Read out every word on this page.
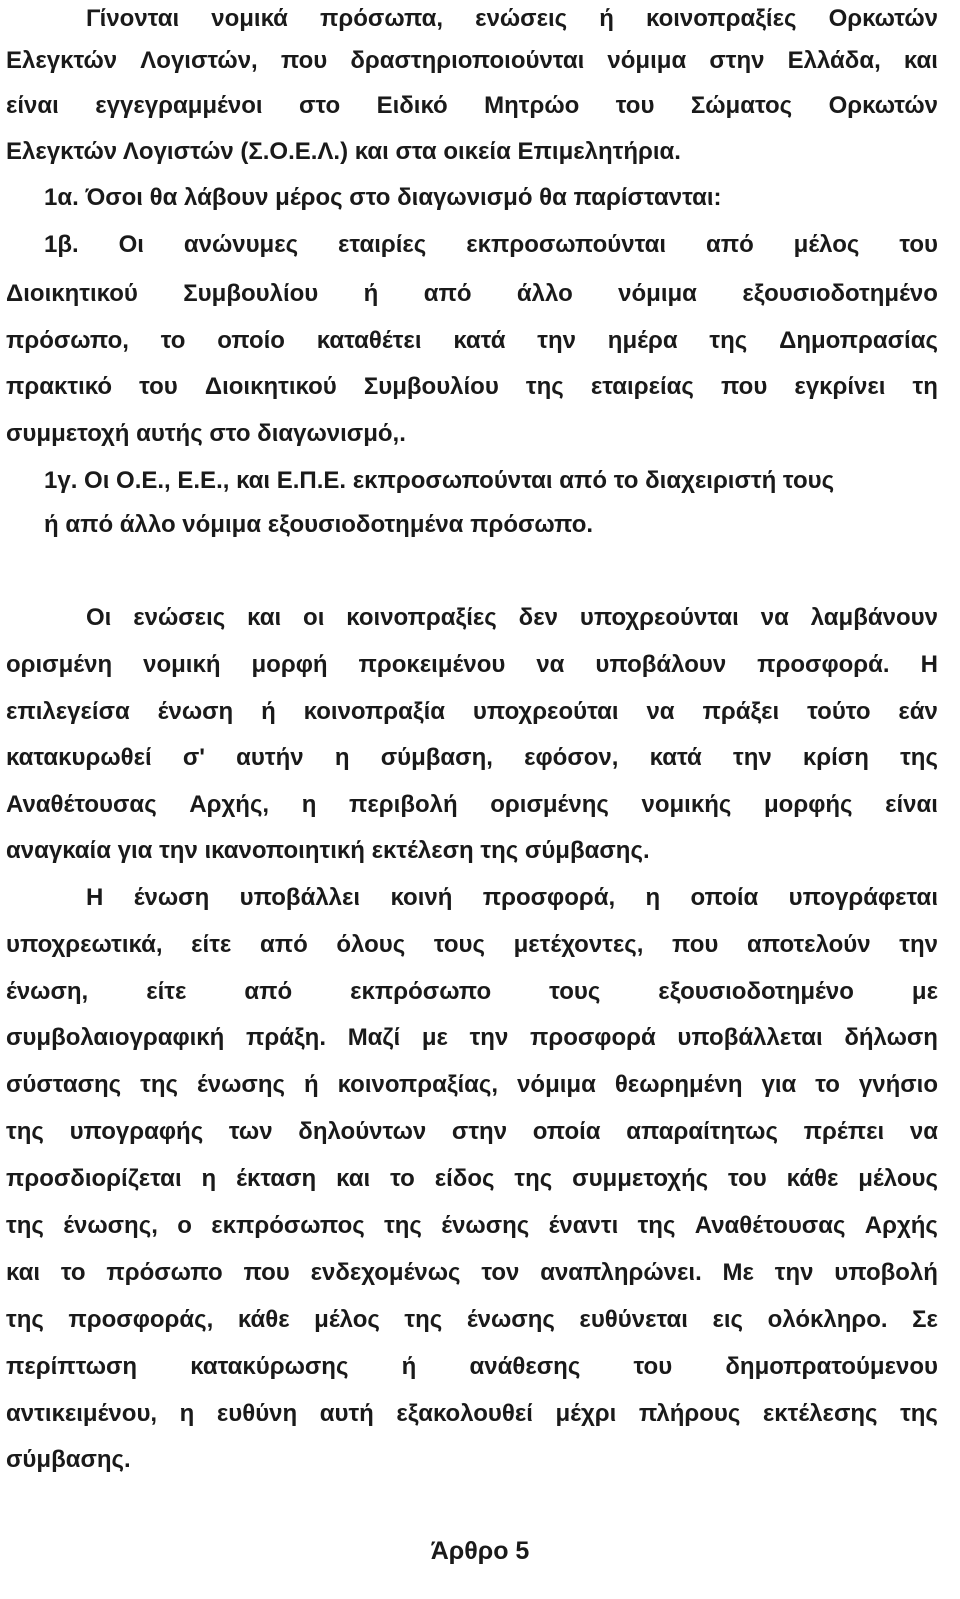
Γίνονται νομικά πρόσωπα, ενώσεις ή κοινοπραξίες Ορκωτών
Ελεγκτών Λογιστών, που δραστηριοποιούνται νόμιμα στην Ελλάδα, και
είναι εγγεγραμμένοι στο Ειδικό Μητρώο του Σώματος Ορκωτών
Ελεγκτών Λογιστών (Σ.Ο.Ε.Λ.) και στα οικεία Επιμελητήρια.
1α. Όσοι θα λάβουν μέρος στο διαγωνισμό θα παρίστανται:
1β. Οι ανώνυμες εταιρίες εκπροσωπούνται από μέλος του
Διοικητικού Συμβουλίου ή από άλλο νόμιμα εξουσιοδοτημένο
πρόσωπο, το οποίο καταθέτει κατά την ημέρα της Δημοπρασίας
πρακτικό του Διοικητικού Συμβουλίου της εταιρείας που εγκρίνει τη
συμμετοχή αυτής στο διαγωνισμό,.
1γ. Οι Ο.Ε., Ε.Ε., και Ε.Π.Ε. εκπροσωπούνται από το διαχειριστή τους
ή από άλλο νόμιμα εξουσιοδοτημένα πρόσωπο.
Οι ενώσεις και οι κοινοπραξίες δεν υποχρεούνται να λαμβάνουν
ορισμένη νομική μορφή προκειμένου να υποβάλουν προσφορά. Η
επιλεγείσα ένωση ή κοινοπραξία υποχρεούται να πράξει τούτο εάν
κατακυρωθεί σ' αυτήν η σύμβαση, εφόσον, κατά την κρίση της
Αναθέτουσας Αρχής, η περιβολή ορισμένης νομικής μορφής είναι
αναγκαία για την ικανοποιητική εκτέλεση της σύμβασης.
Η ένωση υποβάλλει κοινή προσφορά, η οποία υπογράφεται
υποχρεωτικά, είτε από όλους τους μετέχοντες, που αποτελούν την
ένωση, είτε από εκπρόσωπο τους εξουσιοδοτημένο με
συμβολαιογραφική πράξη. Μαζί με την προσφορά υποβάλλεται δήλωση
σύστασης της ένωσης ή κοινοπραξίας, νόμιμα θεωρημένη για το γνήσιο
της υπογραφής των δηλούντων στην οποία απαραίτητως πρέπει να
προσδιορίζεται η έκταση και το είδος της συμμετοχής του κάθε μέλους
της ένωσης, ο εκπρόσωπος της ένωσης έναντι της Αναθέτουσας Αρχής
και το πρόσωπο που ενδεχομένως τον αναπληρώνει. Με την υποβολή
της προσφοράς, κάθε μέλος της ένωσης ευθύνεται εις ολόκληρο. Σε
περίπτωση κατακύρωσης ή ανάθεσης του δημοπρατούμενου
αντικειμένου, η ευθύνη αυτή εξακολουθεί μέχρι πλήρους εκτέλεσης της
σύμβασης.
Άρθρο 5
